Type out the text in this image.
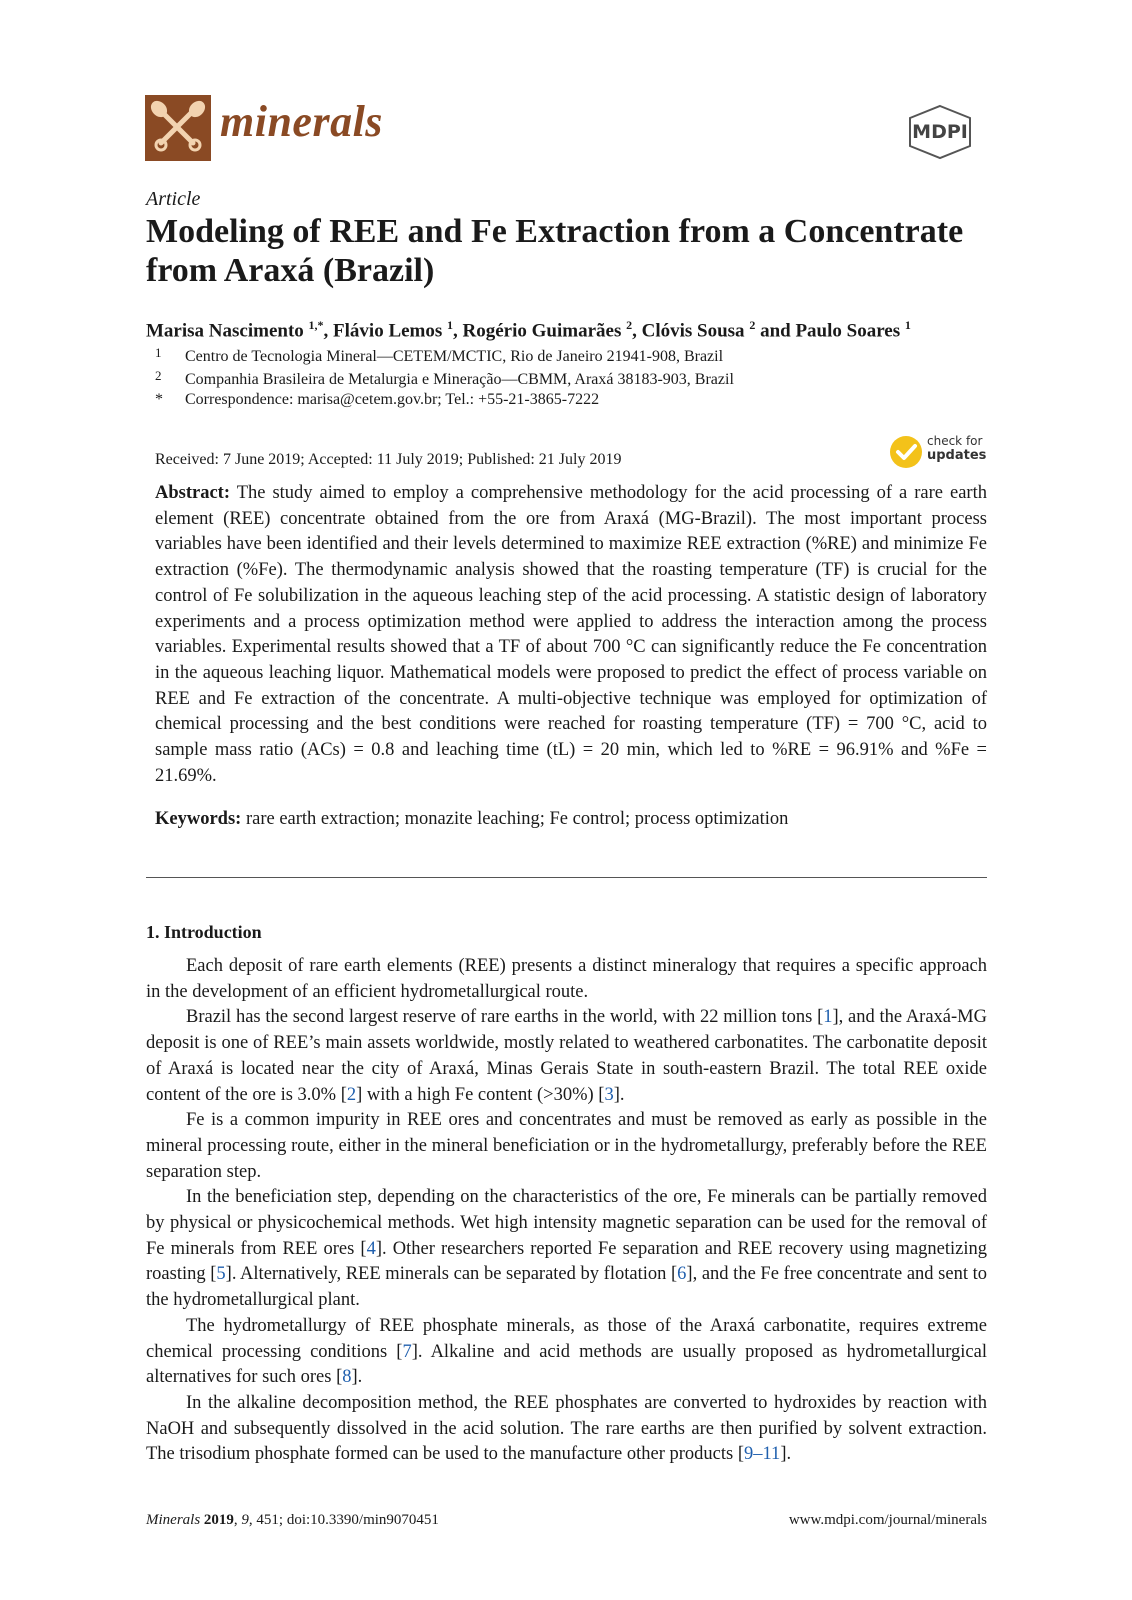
minerals	MDPI
Article
Modeling of REE and Fe Extraction from a Concentrate from Araxá (Brazil)
Marisa Nascimento $^{1,*}$, Flávio Lemos $^1$, Rogério Guimarães $^2$, Clóvis Sousa $^2$ and Paulo Soares $^1$
1 Centro de Tecnologia Mineral—CETEM/MCTIC, Rio de Janeiro 21941-908, Brazil
2 Companhia Brasileira de Metalurgia e Mineração—CBMM, Araxá 38183-903, Brazil
* Correspondence: marisa@cetem.gov.br; Tel.: +55-21-3865-7222
Received: 7 June 2019; Accepted: 11 July 2019; Published: 21 July 2019
check for
updates

Abstract: The study aimed to employ a comprehensive methodology for the acid processing of a rare earth element (REE) concentrate obtained from the ore from Araxá (MG-Brazil). The most important process variables have been identified and their levels determined to maximize REE extraction (%RE) and minimize Fe extraction (%Fe). The thermodynamic analysis showed that the roasting temperature (TF) is crucial for the control of Fe solubilization in the aqueous leaching step of the acid processing. A statistic design of laboratory experiments and a process optimization method were applied to address the interaction among the process variables. Experimental results showed that a TF of about 700 °C can significantly reduce the Fe concentration in the aqueous leaching liquor. Mathematical models were proposed to predict the effect of process variable on REE and Fe extraction of the concentrate. A multi-objective technique was employed for optimization of chemical processing and the best conditions were reached for roasting temperature (TF) = 700 °C, acid to sample mass ratio (ACs) = 0.8 and leaching time (tL) = 20 min, which led to %RE = 96.91% and %Fe = 21.69%.

Keywords: rare earth extraction; monazite leaching; Fe control; process optimization

1. Introduction

Each deposit of rare earth elements (REE) presents a distinct mineralogy that requires a specific approach in the development of an efficient hydrometallurgical route.

Brazil has the second largest reserve of rare earths in the world, with 22 million tons [1], and the Araxá-MG deposit is one of REE’s main assets worldwide, mostly related to weathered carbonatites. The carbonatite deposit of Araxá is located near the city of Araxá, Minas Gerais State in south-eastern Brazil. The total REE oxide content of the ore is 3.0% [2] with a high Fe content (>30%) [3].

Fe is a common impurity in REE ores and concentrates and must be removed as early as possible in the mineral processing route, either in the mineral beneficiation or in the hydrometallurgy, preferably before the REE separation step.

In the beneficiation step, depending on the characteristics of the ore, Fe minerals can be partially removed by physical or physicochemical methods. Wet high intensity magnetic separation can be used for the removal of Fe minerals from REE ores [4]. Other researchers reported Fe separation and REE recovery using magnetizing roasting [5]. Alternatively, REE minerals can be separated by flotation [6], and the Fe free concentrate and sent to the hydrometallurgical plant.

The hydrometallurgy of REE phosphate minerals, as those of the Araxá carbonatite, requires extreme chemical processing conditions [7]. Alkaline and acid methods are usually proposed as hydrometallurgical alternatives for such ores [8].

In the alkaline decomposition method, the REE phosphates are converted to hydroxides by reaction with NaOH and subsequently dissolved in the acid solution. The rare earths are then purified by solvent extraction. The trisodium phosphate formed can be used to the manufacture other products [9–11].

Minerals 2019, 9, 451; doi:10.3390/min9070451	www.mdpi.com/journal/minerals
